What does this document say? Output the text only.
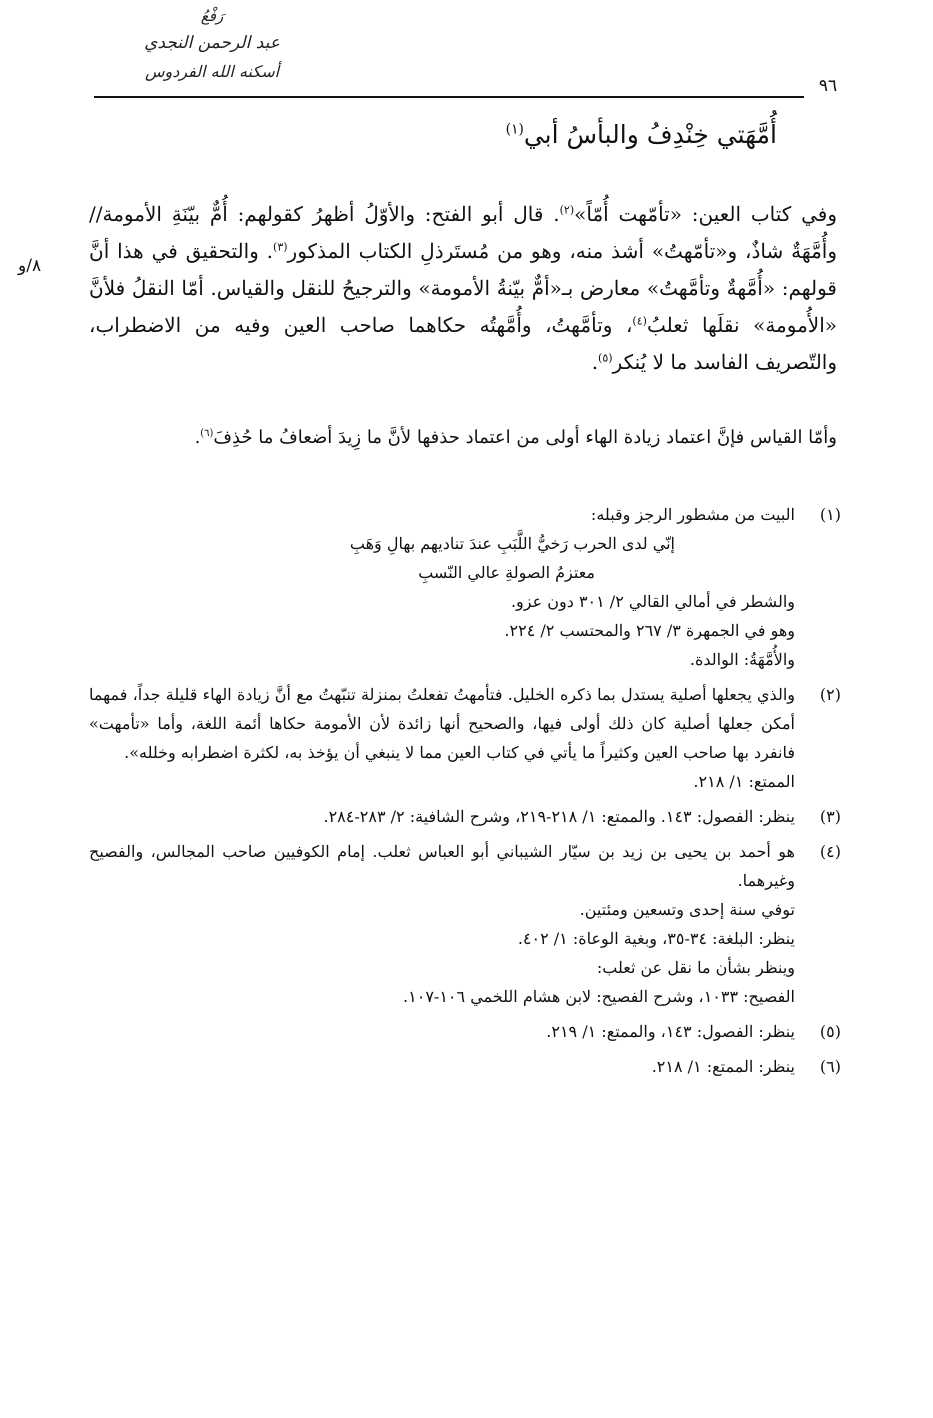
رَفْعُ
عبد الرحمن النجدي
أسكنه الله الفردوس
٩٦
أُمَّهَتي خِنْدِفُ والبأسُ أبي$^{(١)}$
٨/و

وفي كتاب العين: «تأمّهت أُمّاً»$^{(٢)}$. قال أبو الفتح: والأوّلُ أظهرُ كقولهم: أُمٌّ بيّنَةِ الأمومة// وأُمَّهَةٌ شاذٌ، و«تأمّهتُ» أشذ منه، وهو من مُستَرذلِ الكتاب المذكور$^{(٣)}$. والتحقيق في هذا أنَّ قولهم: «أُمَّهةٌ وتأمَّهتُ» معارض بـ«أمٌّ بيّنةُ الأمومة» والترجيحُ للنقل والقياس. أمّا النقلُ فلأنَّ «الأُمومة» نقلَها ثعلبُ$^{(٤)}$، وتأمَّهتُ، وأُمَّهتُه حكاهما صاحب العين وفيه من الاضطراب، والتّصريف الفاسد ما لا يُنكر$^{(٥)}$.

وأمّا القياس فإنَّ اعتماد زيادة الهاء أولى من اعتماد حذفها لأنَّ ما زِيدَ أضعافُ ما حُذِفَ$^{(٦)}$.

(١)

البيت من مشطور الرجز وقبله:

إنّي لدى الحرب رَخيُّ اللَّبَبِ عندَ تناديهم بهالِ وَهَبِ

معتزمُ الصولةِ عالي النّسبِ

والشطر في أمالي القالي ٢/ ٣٠١ دون عزو.

وهو في الجمهرة ٣/ ٢٦٧ والمحتسب ٢/ ٢٢٤.

والأُمَّهَةُ: الوالدة.

(٢)

والذي يجعلها أصلية يستدل بما ذكره الخليل. فتأمهتُ تفعلتُ بمنزلة تنبّهتُ مع أنَّ زيادة الهاء قليلة جداً، فمهما أمكن جعلها أصلية كان ذلك أولى فيها، والصحيح أنها زائدة لأن الأمومة حكاها أئمة اللغة، وأما «تأمهت» فانفرد بها صاحب العين وكثيراً ما يأتي في كتاب العين مما لا ينبغي أن يؤخذ به، لكثرة اضطرابه وخلله».

الممتع: ١/ ٢١٨.

(٣)

ينظر: الفصول: ١٤٣. والممتع: ١/ ٢١٨-٢١٩، وشرح الشافية: ٢/ ٢٨٣-٢٨٤.

(٤)

هو أحمد بن يحيى بن زيد بن سيّار الشيباني أبو العباس ثعلب. إمام الكوفيين صاحب المجالس، والفصيح وغيرهما.

توفي سنة إحدى وتسعين ومئتين.

ينظر: البلغة: ٣٤-٣٥، وبغية الوعاة: ١/ ٤٠٢.

وينظر بشأن ما نقل عن ثعلب:

الفصيح: ١٠٣٣، وشرح الفصيح: لابن هشام اللخمي ١٠٦-١٠٧.

(٥)

ينظر: الفصول: ١٤٣، والممتع: ١/ ٢١٩.

(٦)

ينظر: الممتع: ١/ ٢١٨.
